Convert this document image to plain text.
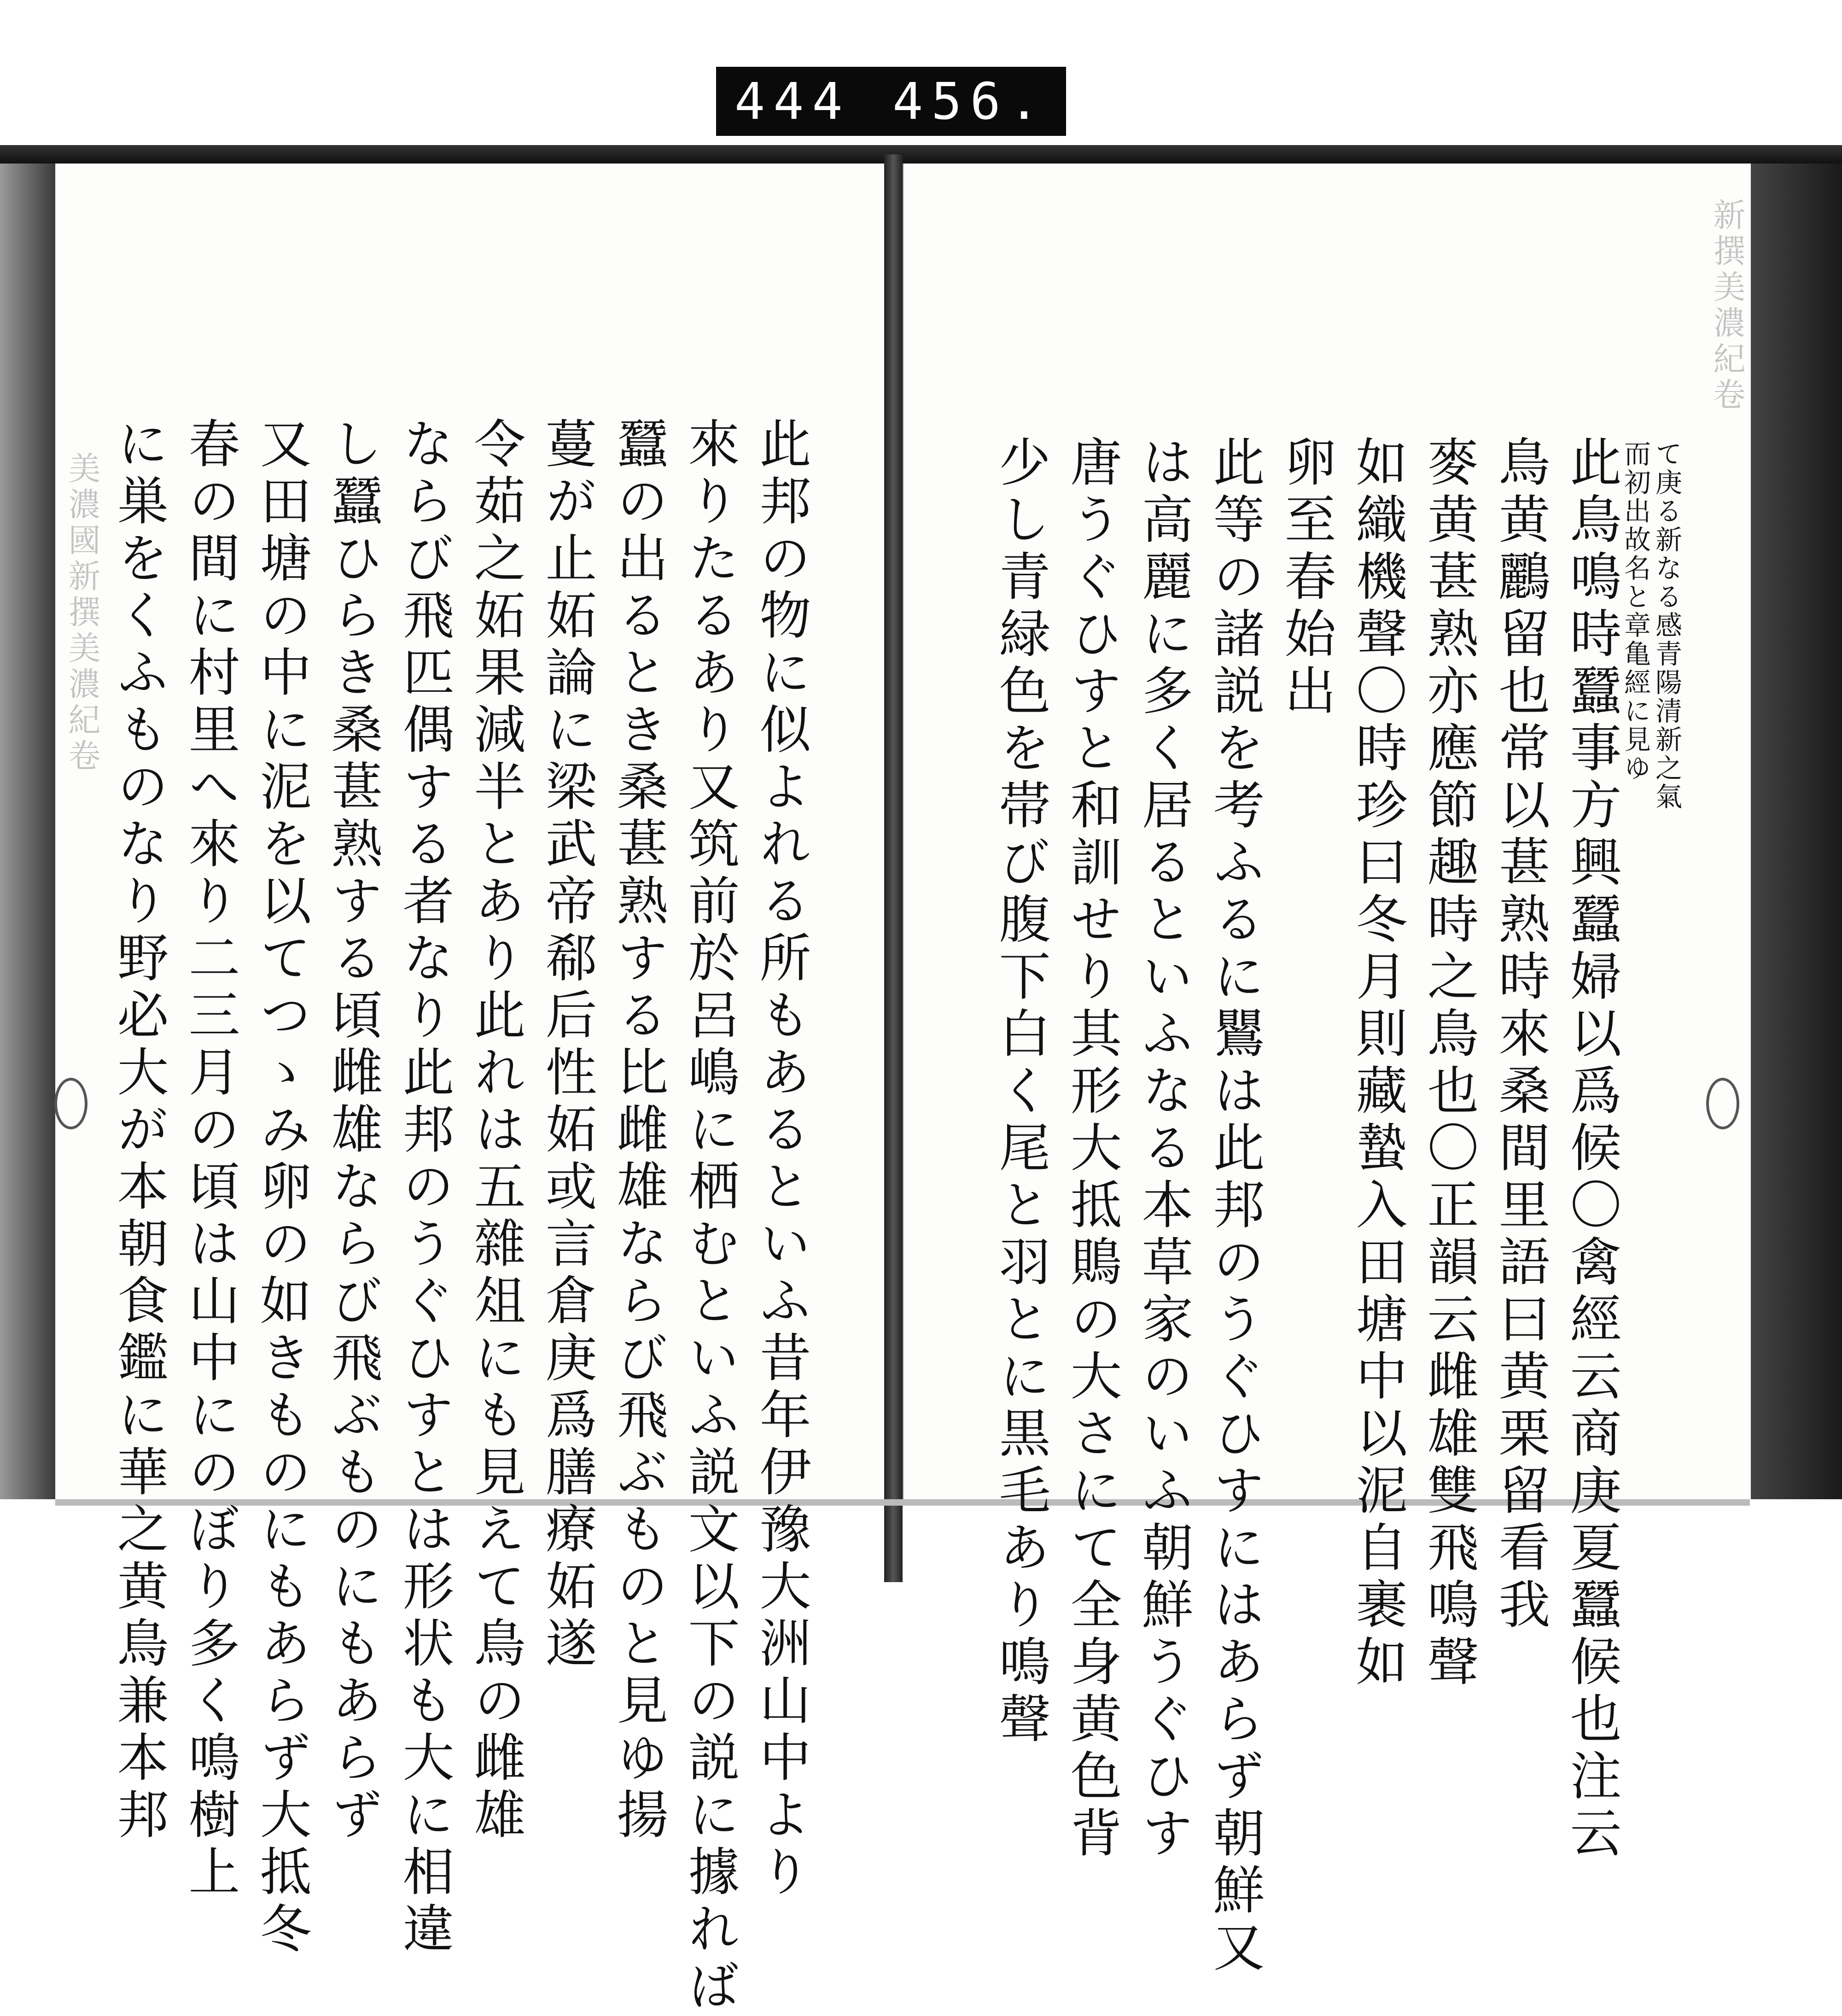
444 456.
美濃國新撰美濃紀卷
新撰美濃紀卷
而初出故名と章亀經に見ゆ て庚る新なる感青陽清新之氣
此鳥鳴時蠶事方興蠶婦以爲候〇禽經云商庚夏蠶候也注云
鳥黄鸝留也常以葚熟時來桑間里語曰黄栗留看我
麥黄葚熟亦應節趣時之鳥也〇正韻云雌雄雙飛鳴聲
如織機聲〇時珍曰冬月則藏蟄入田塘中以泥自裹如
卵至春始出
此等の諸説を考ふるに鸎は此邦のうぐひすにはあらず朝鮮又
は高麗に多く居るといふなる本草家のいふ朝鮮うぐひす
唐うぐひすと和訓せり其形大抵鵙の大さにて全身黄色背
少し青緑色を帯び腹下白く尾と羽とに黒毛あり鳴聲
此邦の物に似よれる所もあるといふ昔年伊豫大洲山中より
來りたるあり又筑前於呂嶋に栖むといふ説文以下の説に據れば
蠶の出るとき桑葚熟する比雌雄ならび飛ぶものと見ゆ揚
蔓が止妬論に梁武帝郗后性妬或言倉庚爲膳療妬遂
令茹之妬果減半とあり此れは五雜俎にも見えて鳥の雌雄
ならび飛匹偶する者なり此邦のうぐひすとは形状も大に相違
し蠶ひらき桑葚熟する頃雌雄ならび飛ぶものにもあらず
又田塘の中に泥を以てつゝみ卵の如きものにもあらず大抵冬
春の間に村里へ來り二三月の頃は山中にのぼり多く鳴樹上
に巣をくふものなり野必大が本朝食鑑に華之黄鳥兼本邦
